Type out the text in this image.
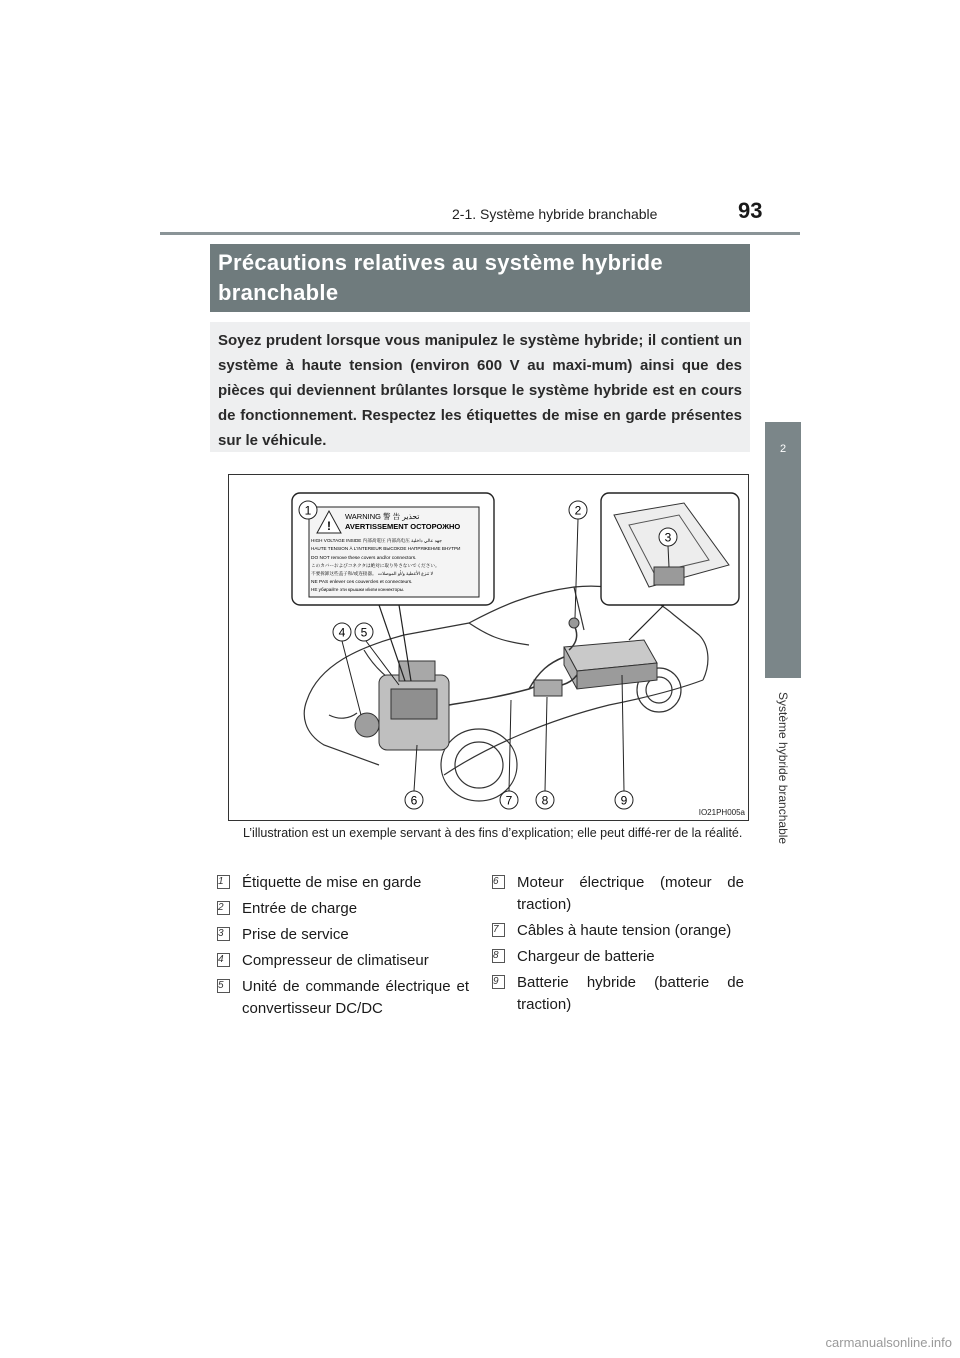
2-1. Système hybride branchable	93
2
Système hybride branchable
Précautions relatives au système hybride branchable
Soyez prudent lorsque vous manipulez le système hybride; il contient un système à haute tension (environ 600 V au maxi-mum) ainsi que des pièces qui deviennent brûlantes lorsque le système hybride est en cours de fonctionnement. Respectez les étiquettes de mise en garde présentes sur le véhicule.
!
WARNING 警 告 تحذير
AVERTISSEMENT ОСТОРОЖНО
HIGH VOLTAGE INSIDE 内部高電圧 内部高电压 جهد عالي داخلية
HAUTE TENSION À L'INTERIEUR ВЫСОКОЕ НАПРЯЖЕНИЕ ВНУТРИ
DO NOT remove these covers and/or connectors.
このカバーおよびコネクタは絶対に取り外さないでください。
不要拆卸这些盖子和/或连接器。 لا تنزع الأغطية و/أو الموصلات
NE PAS enlever ces couvercles et connecteurs.
НЕ убирайте эти крышки и/или коннекторы.
1	2
3
4 5
6	7 8	9
IO21PH005a
L’illustration est un exemple servant à des fins d’explication; elle peut diffé-rer de la réalité.
1	Étiquette de mise en garde
2	Entrée de charge
3	Prise de service
4	Compresseur de climatiseur
5	Unité de commande électrique et convertisseur DC/DC
6	Moteur électrique (moteur de traction)
7	Câbles à haute tension (orange)
8	Chargeur de batterie
9	Batterie hybride (batterie de traction)
carmanualsonline.info
